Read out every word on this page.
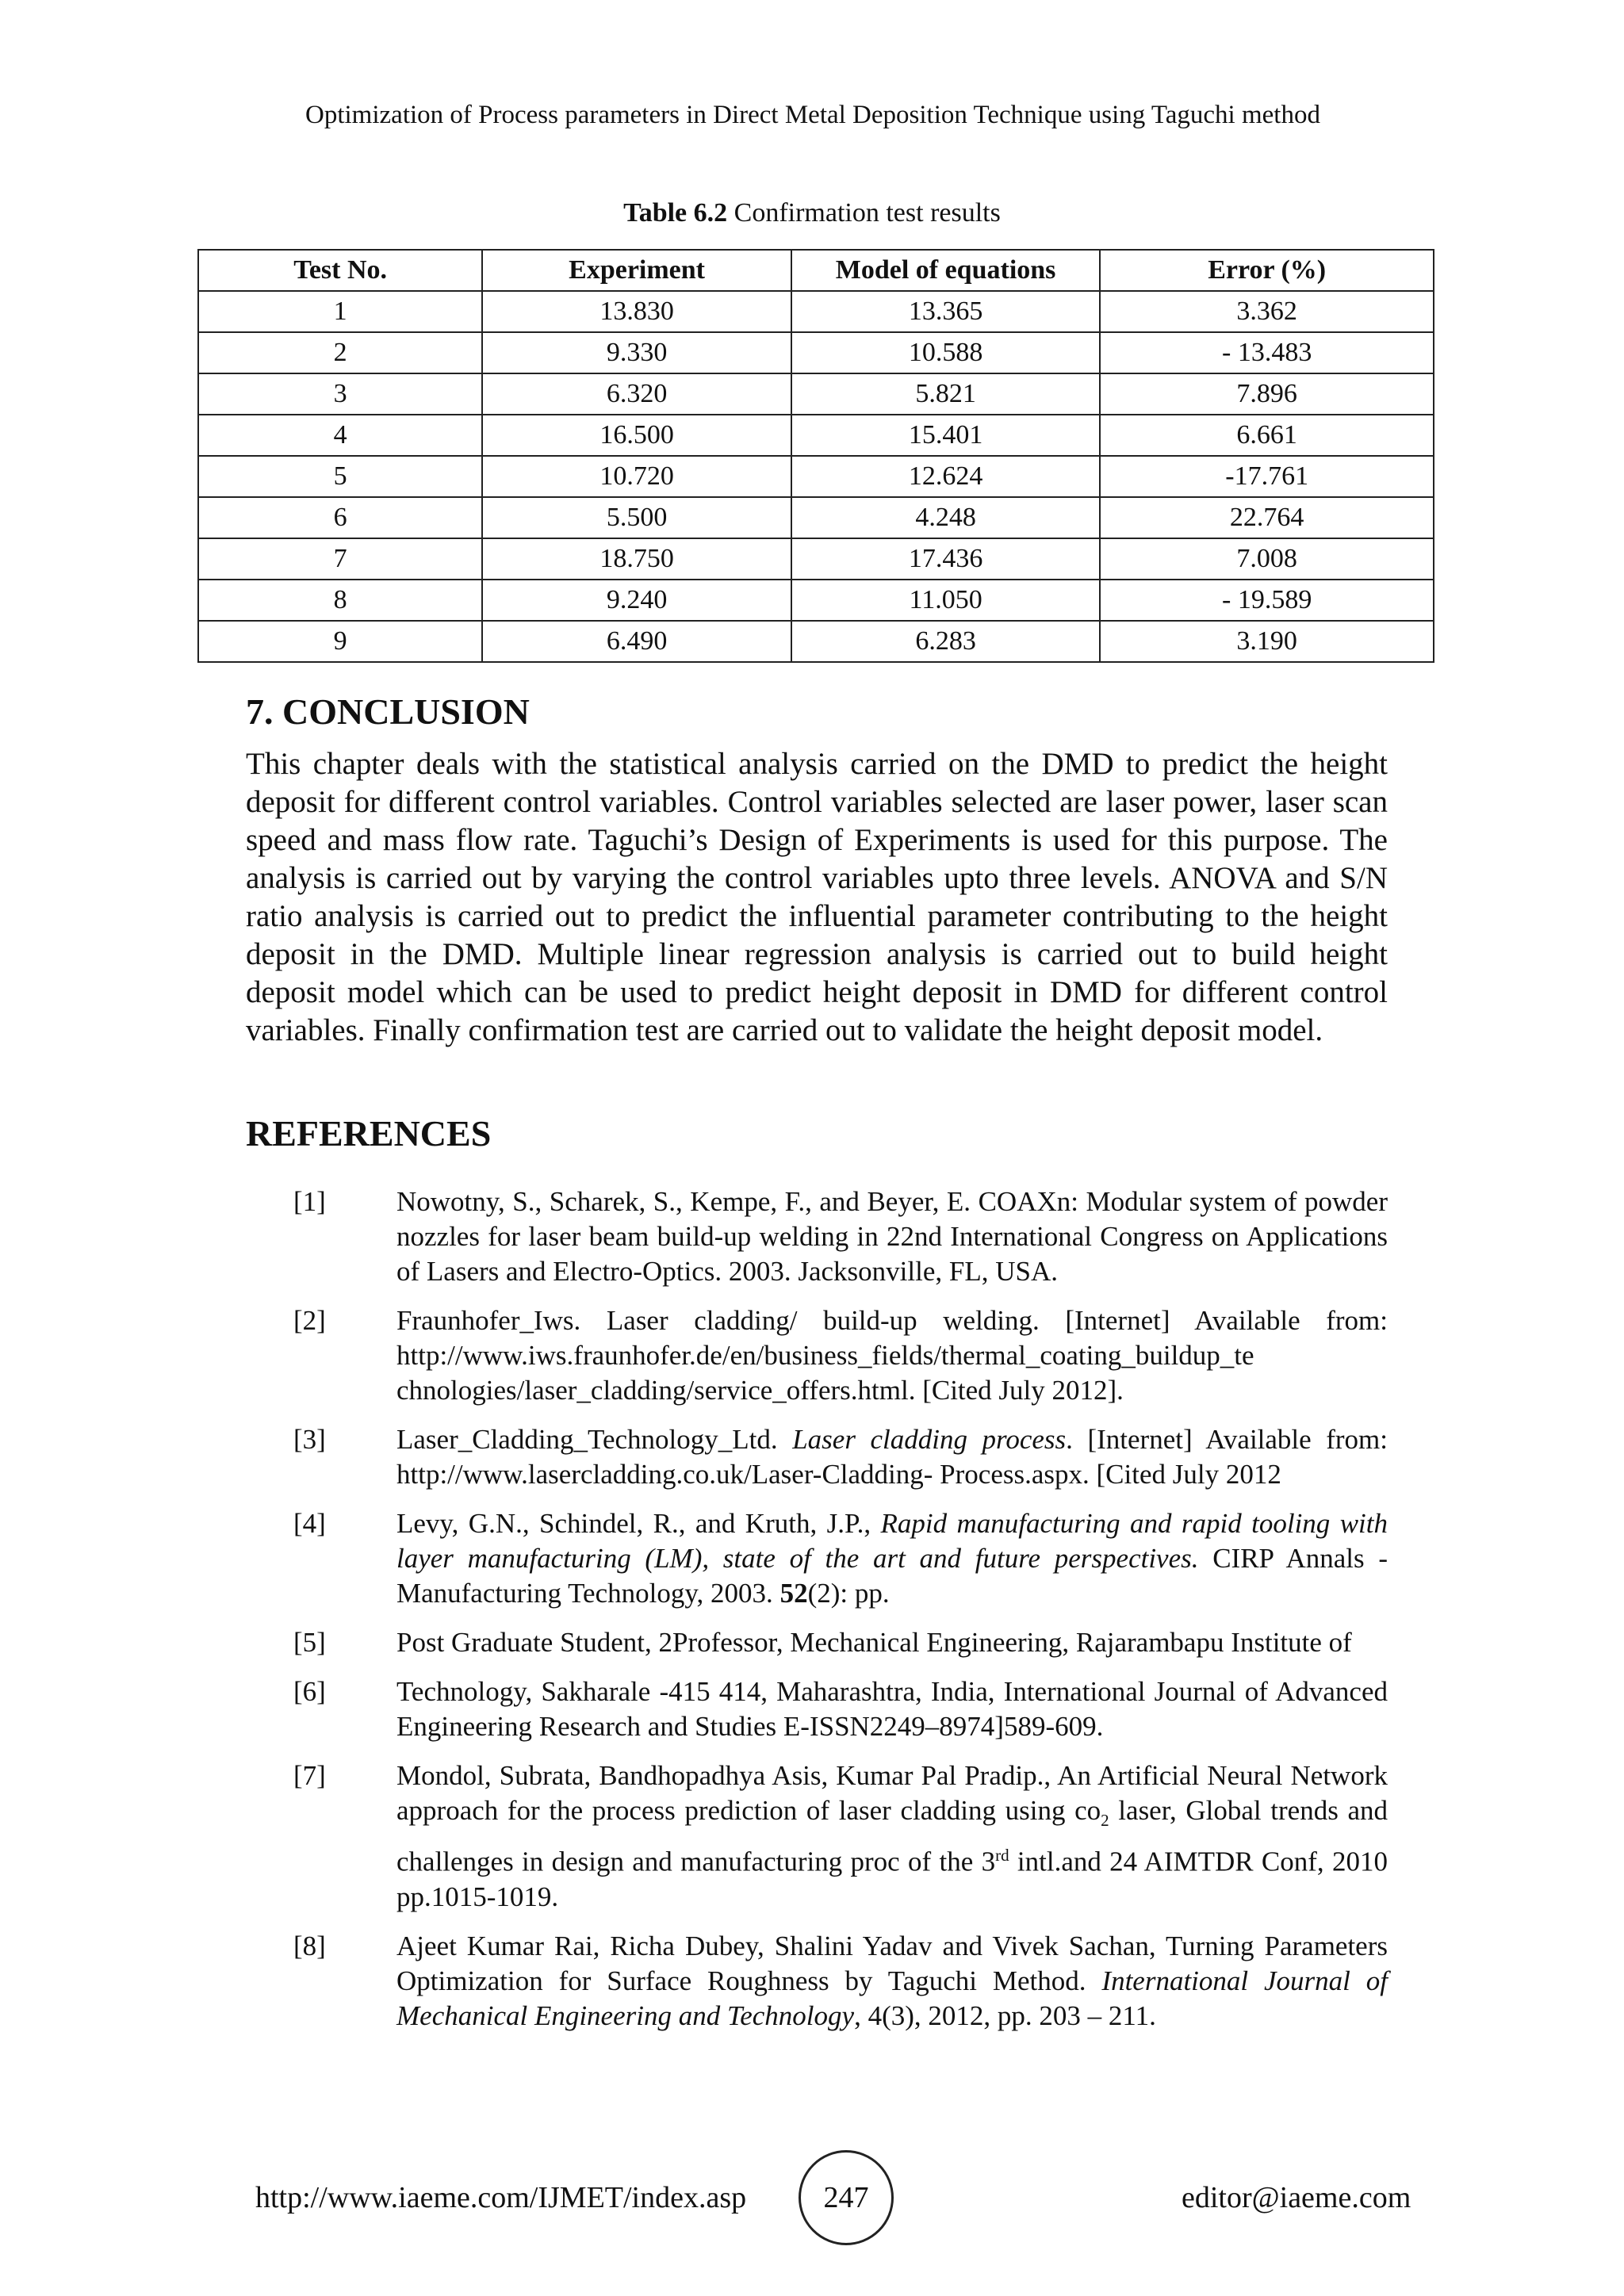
Optimization of Process parameters in Direct Metal Deposition Technique using Taguchi method
Table 6.2 Confirmation test results
Test No.	Experiment	Model of equations	Error (%)
1	13.830	13.365	3.362
2	9.330	10.588	- 13.483
3	6.320	5.821	7.896
4	16.500	15.401	6.661
5	10.720	12.624	-17.761
6	5.500	4.248	22.764
7	18.750	17.436	7.008
8	9.240	11.050	- 19.589
9	6.490	6.283	3.190
7. CONCLUSION

This chapter deals with the statistical analysis carried on the DMD to predict the height deposit for different control variables. Control variables selected are laser power, laser scan speed and mass flow rate. Taguchi’s Design of Experiments is used for this purpose. The analysis is carried out by varying the control variables upto three levels. ANOVA and S/N ratio analysis is carried out to predict the influential parameter contributing to the height deposit in the DMD. Multiple linear regression analysis is carried out to build height deposit model which can be used to predict height deposit in DMD for different control variables. Finally confirmation test are carried out to validate the height deposit model.

REFERENCES
[1]	Nowotny, S., Scharek, S., Kempe, F., and Beyer, E. COAXn: Modular system of powder nozzles for laser beam build-up welding in 22nd International Congress on Applications of Lasers and Electro-Optics. 2003. Jacksonville, FL, USA.
[2]	Fraunhofer_Iws. Laser cladding/ build-up welding. [Internet] Available from: http://www.iws.fraunhofer.de/en/business_fields/thermal_coating_buildup_te chnologies/laser_cladding/service_offers.html. [Cited July 2012].
[3]	Laser_Cladding_Technology_Ltd. Laser cladding process. [Internet] Available from: http://www.lasercladding.co.uk/Laser-Cladding- Process.aspx. [Cited July 2012
[4]	Levy, G.N., Schindel, R., and Kruth, J.P., Rapid manufacturing and rapid tooling with layer manufacturing (LM), state of the art and future perspectives. CIRP Annals - Manufacturing Technology, 2003. 52(2): pp.
[5]	Post Graduate Student, 2Professor, Mechanical Engineering, Rajarambapu Institute of
[6]	Technology, Sakharale -415 414, Maharashtra, India, International Journal of Advanced Engineering Research and Studies E-ISSN2249–8974]589-609.
[7]	Mondol, Subrata, Bandhopadhya Asis, Kumar Pal Pradip., An Artificial Neural Network approach for the process prediction of laser cladding using $co_2$ laser, Global trends and challenges in design and manufacturing proc of the 3rd intl.and 24 AIMTDR Conf, 2010 pp.1015-1019.
[8]	Ajeet Kumar Rai, Richa Dubey, Shalini Yadav and Vivek Sachan, Turning Parameters Optimization for Surface Roughness by Taguchi Method. International Journal of Mechanical Engineering and Technology, 4(3), 2012, pp. 203 – 211.
http://www.iaeme.com/IJMET/index.asp	247	editor@iaeme.com
